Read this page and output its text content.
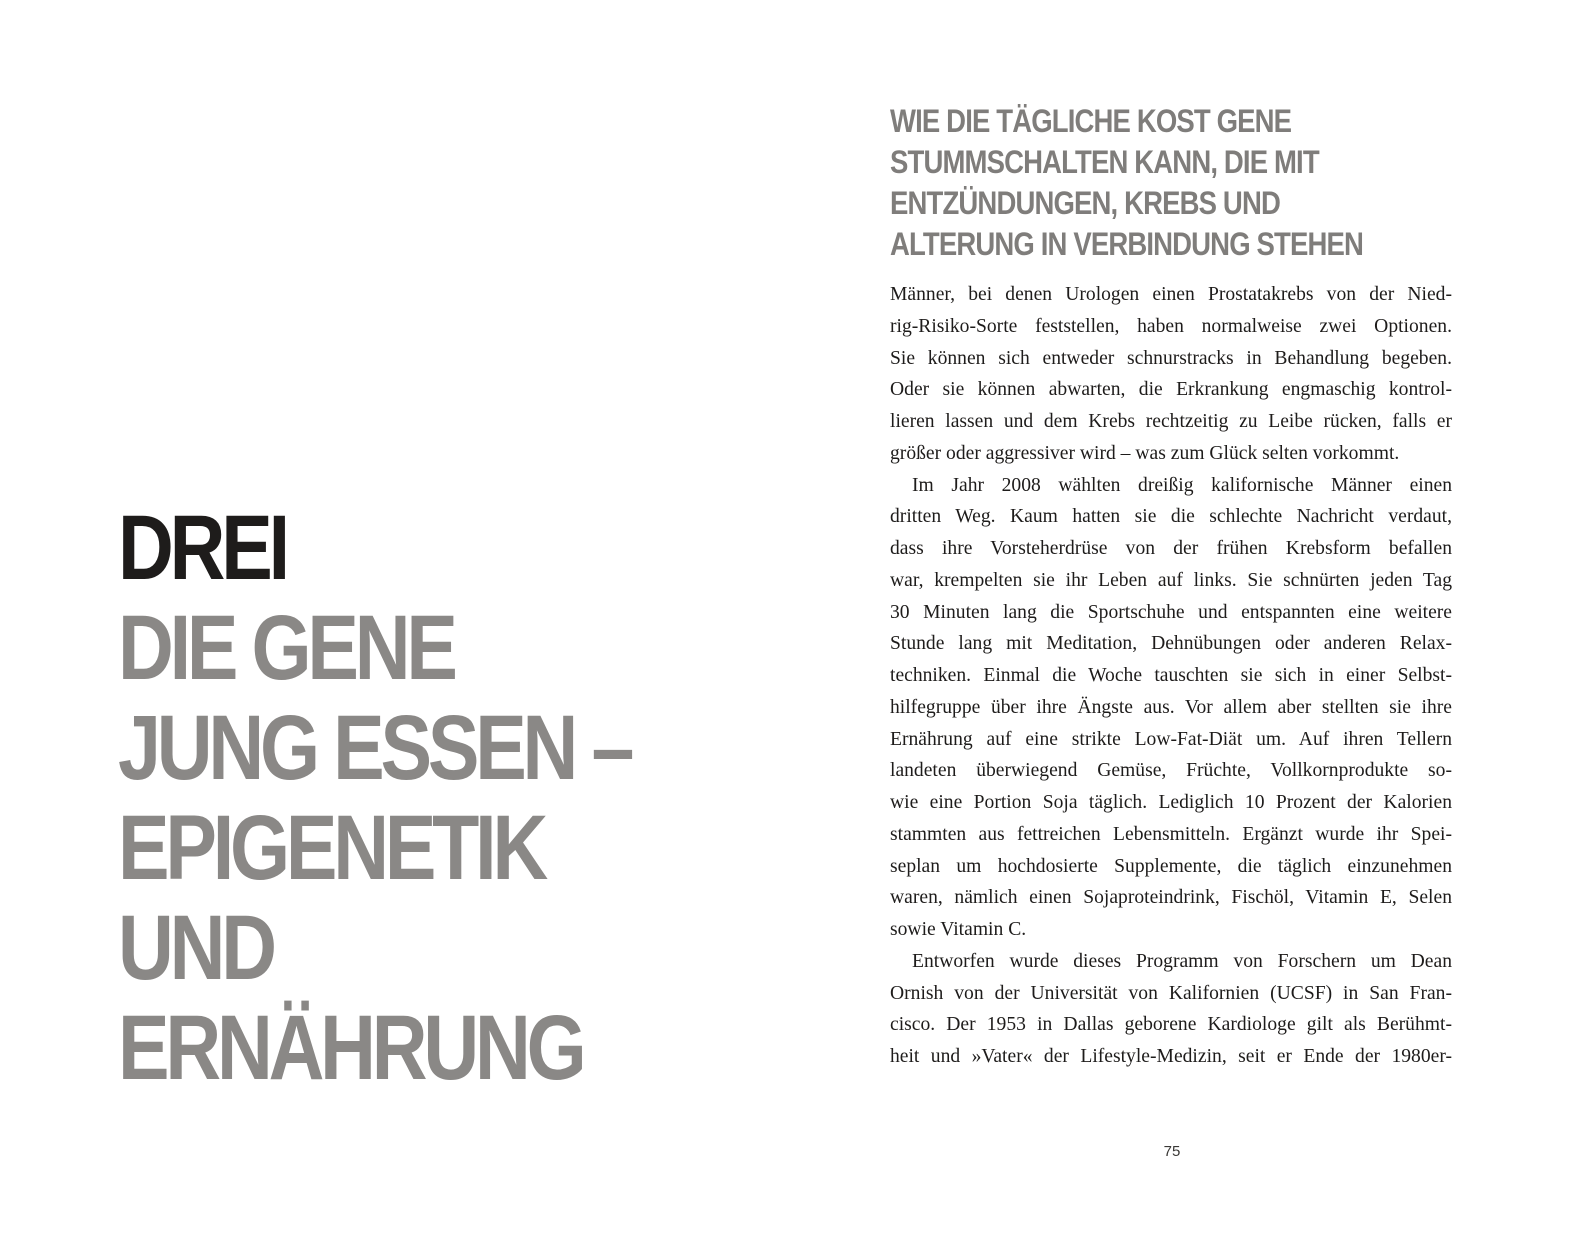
DREI
DIE GENE
JUNG ESSEN –
EPIGENETIK
UND
ERNÄHRUNG
WIE DIE TÄGLICHE KOST GENE
STUMMSCHALTEN KANN, DIE MIT
ENTZÜNDUNGEN, KREBS UND
ALTERUNG IN VERBINDUNG STEHEN
Männer, bei denen Urologen einen Prostatakrebs von der Nied-
rig-Risiko-Sorte feststellen, haben normalweise zwei Optionen.
Sie können sich entweder schnurstracks in Behandlung begeben.
Oder sie können abwarten, die Erkrankung engmaschig kontrol-
lieren lassen und dem Krebs rechtzeitig zu Leibe rücken, falls er
größer oder aggressiver wird – was zum Glück selten vorkommt.
Im Jahr 2008 wählten dreißig kalifornische Männer einen
dritten Weg. Kaum hatten sie die schlechte Nachricht verdaut,
dass ihre Vorsteherdrüse von der frühen Krebsform befallen
war, krempelten sie ihr Leben auf links. Sie schnürten jeden Tag
30 Minuten lang die Sportschuhe und entspannten eine weitere
Stunde lang mit Meditation, Dehnübungen oder anderen Relax-
techniken. Einmal die Woche tauschten sie sich in einer Selbst-
hilfegruppe über ihre Ängste aus. Vor allem aber stellten sie ihre
Ernährung auf eine strikte Low-Fat-Diät um. Auf ihren Tellern
landeten überwiegend Gemüse, Früchte, Vollkornprodukte so-
wie eine Portion Soja täglich. Lediglich 10 Prozent der Kalorien
stammten aus fettreichen Lebensmitteln. Ergänzt wurde ihr Spei-
seplan um hochdosierte Supplemente, die täglich einzunehmen
waren, nämlich einen Sojaproteindrink, Fischöl, Vitamin E, Selen
sowie Vitamin C.
Entworfen wurde dieses Programm von Forschern um Dean
Ornish von der Universität von Kalifornien (UCSF) in San Fran-
cisco. Der 1953 in Dallas geborene Kardiologe gilt als Berühmt-
heit und »Vater« der Lifestyle-Medizin, seit er Ende der 1980er-
75
